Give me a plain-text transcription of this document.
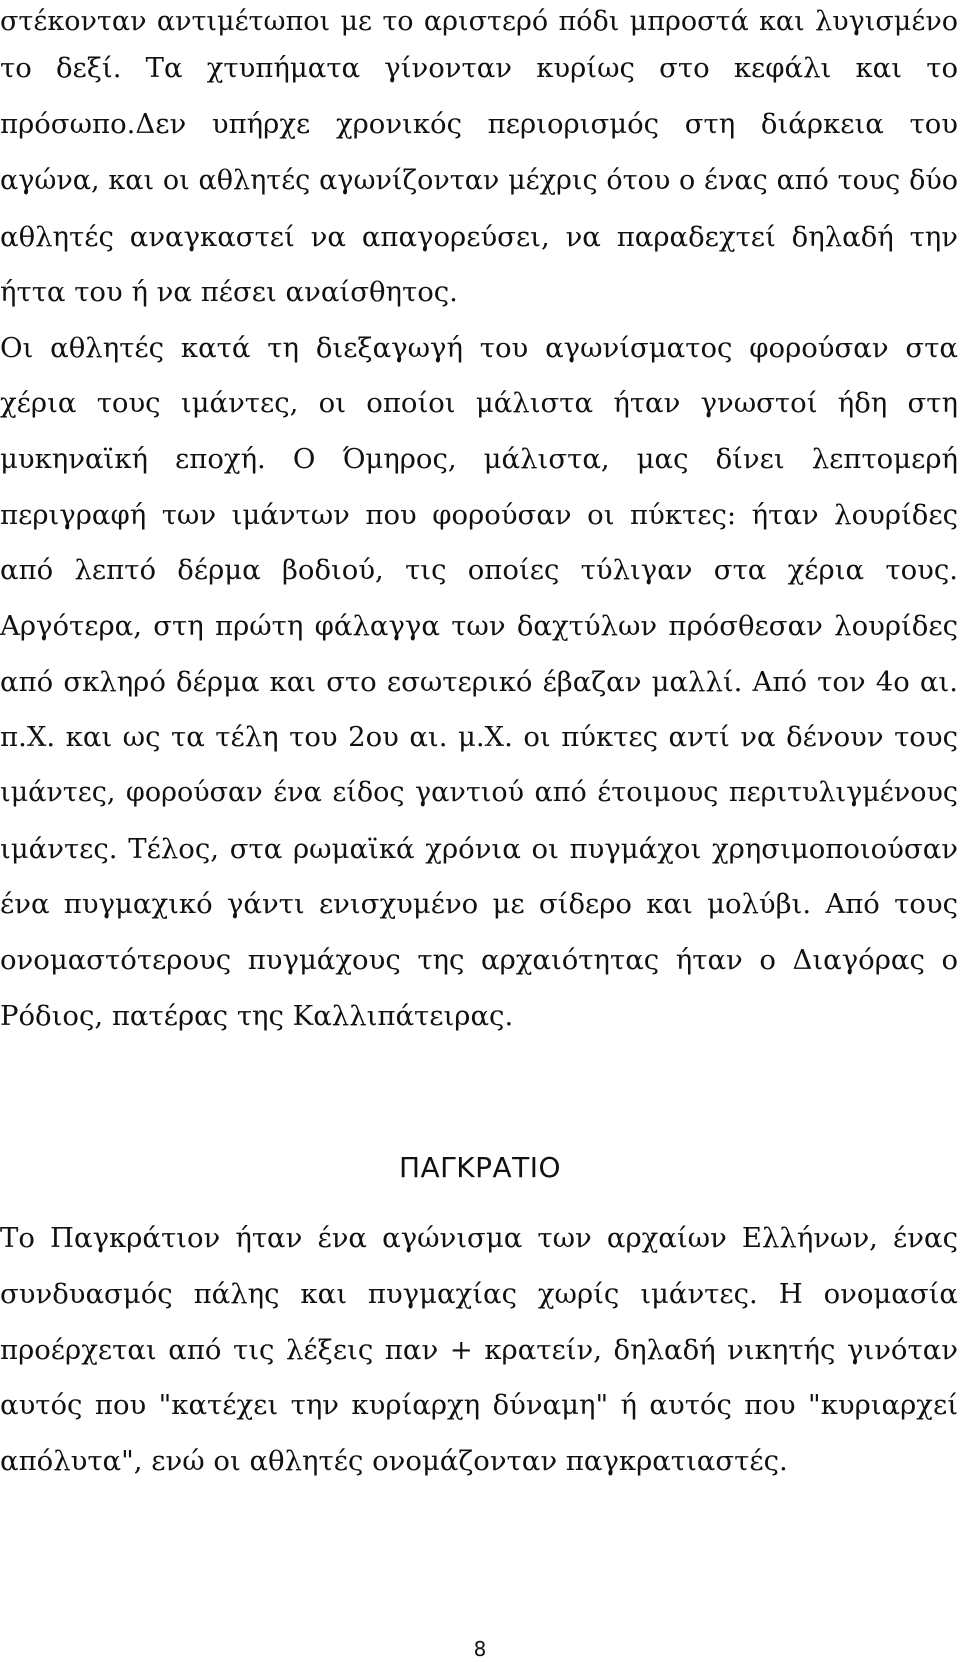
στέκονταν αντιμέτωποι με το αριστερό πόδι μπροστά και λυγισμένο
το δεξί. Τα χτυπήματα γίνονταν κυρίως στο κεφάλι και το
πρόσωπο.Δεν υπήρχε χρονικός περιορισμός στη διάρκεια του
αγώνα, και οι αθλητές αγωνίζονταν μέχρις ότου ο ένας από τους δύο
αθλητές αναγκαστεί να απαγορεύσει, να παραδεχτεί δηλαδή την
ήττα του ή να πέσει αναίσθητος.
Οι αθλητές κατά τη διεξαγωγή του αγωνίσματος φορούσαν στα
χέρια τους ιμάντες, οι οποίοι μάλιστα ήταν γνωστοί ήδη στη
μυκηναϊκή εποχή. Ο Όμηρος, μάλιστα, μας δίνει λεπτομερή
περιγραφή των ιμάντων που φορούσαν οι πύκτες: ήταν λουρίδες
από λεπτό δέρμα βοδιού, τις οποίες τύλιγαν στα χέρια τους.
Αργότερα, στη πρώτη φάλαγγα των δαχτύλων πρόσθεσαν λουρίδες
από σκληρό δέρμα και στο εσωτερικό έβαζαν μαλλί. Από τον 4ο αι.
π.Χ. και ως τα τέλη του 2ου αι. μ.Χ. οι πύκτες αντί να δένουν τους
ιμάντες, φορούσαν ένα είδος γαντιού από έτοιμους περιτυλιγμένους
ιμάντες. Τέλος, στα ρωμαϊκά χρόνια οι πυγμάχοι χρησιμοποιούσαν
ένα πυγμαχικό γάντι ενισχυμένο με σίδερο και μολύβι. Από τους
ονομαστότερους πυγμάχους της αρχαιότητας ήταν ο Διαγόρας ο
Ρόδιος, πατέρας της Καλλιπάτειρας.
ΠΑΓΚΡΑΤΙΟ
Το Παγκράτιον ήταν ένα αγώνισμα των αρχαίων Ελλήνων, ένας
συνδυασμός πάλης και πυγμαχίας χωρίς ιμάντες. Η ονομασία
προέρχεται από τις λέξεις παν + κρατείν, δηλαδή νικητής γινόταν
αυτός που "κατέχει την κυρίαρχη δύναμη" ή αυτός που "κυριαρχεί
απόλυτα", ενώ οι αθλητές ονομάζονταν παγκρατιαστές.
8
